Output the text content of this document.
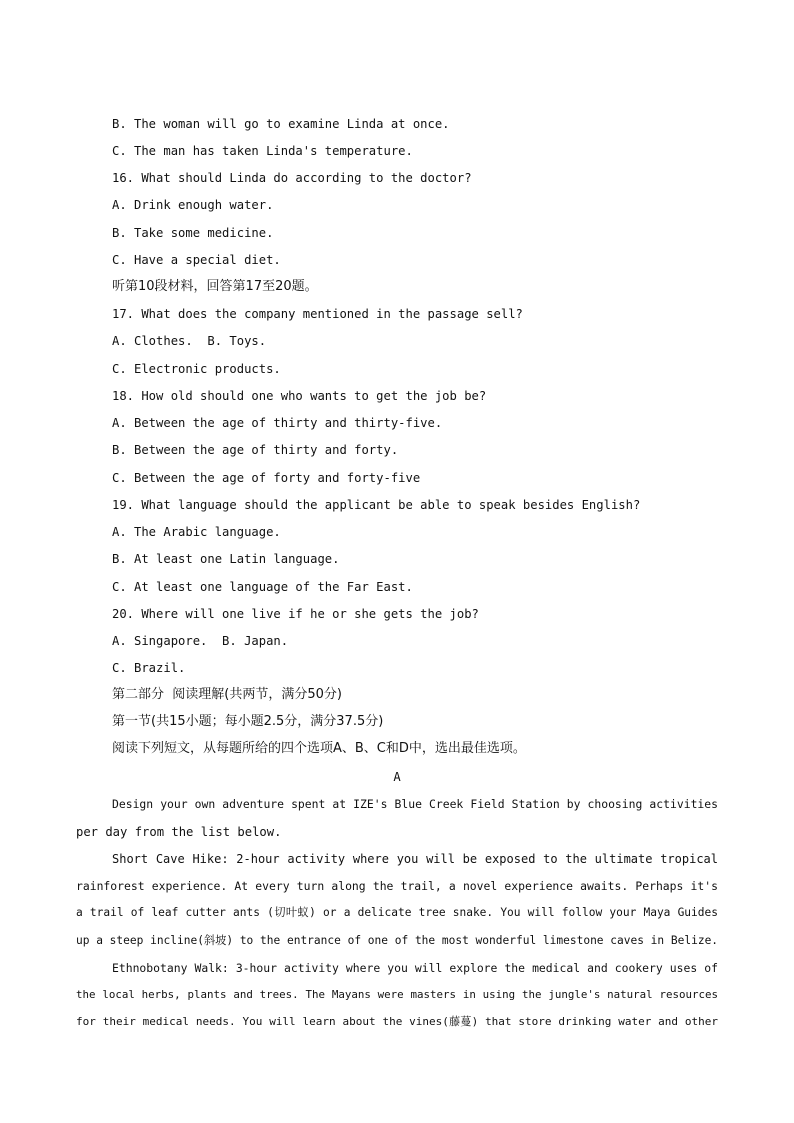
B. The woman will go to examine Linda at once.
C. The man has taken Linda's temperature.
16. What should Linda do according to the doctor?
A. Drink enough water.
B. Take some medicine.
C. Have a special diet.
听第10段材料，回答第17至20题。
17. What does the company mentioned in the passage sell?
A. Clothes.  B. Toys.
C. Electronic products.
18. How old should one who wants to get the job be?
A. Between the age of thirty and thirty-five.
B. Between the age of thirty and forty.
C. Between the age of forty and forty-five
19. What language should the applicant be able to speak besides English?
A. The Arabic language.
B. At least one Latin language.
C. At least one language of the Far East.
20. Where will one live if he or she gets the job?
A. Singapore.  B. Japan.
C. Brazil.
第二部分  阅读理解(共两节，满分50分)
第一节(共15小题；每小题2.5分，满分37.5分)
阅读下列短文，从每题所给的四个选项A、B、C和D中，选出最佳选项。
A
Design your own adventure spent at IZE's Blue Creek Field Station by choosing activities
per day from the list below.
Short Cave Hike: 2-hour activity where you will be exposed to the ultimate tropical
rainforest experience. At every turn along the trail, a novel experience awaits. Perhaps it's
a trail of leaf cutter ants (切叶蚁) or a delicate tree snake. You will follow your Maya Guides
up a steep incline(斜坡) to the entrance of one of the most wonderful limestone caves in Belize.
Ethnobotany Walk: 3-hour activity where you will explore the medical and cookery uses of
the local herbs, plants and trees. The Mayans were masters in using the jungle's natural resources
for their medical needs. You will learn about the vines(藤蔓) that store drinking water and other
